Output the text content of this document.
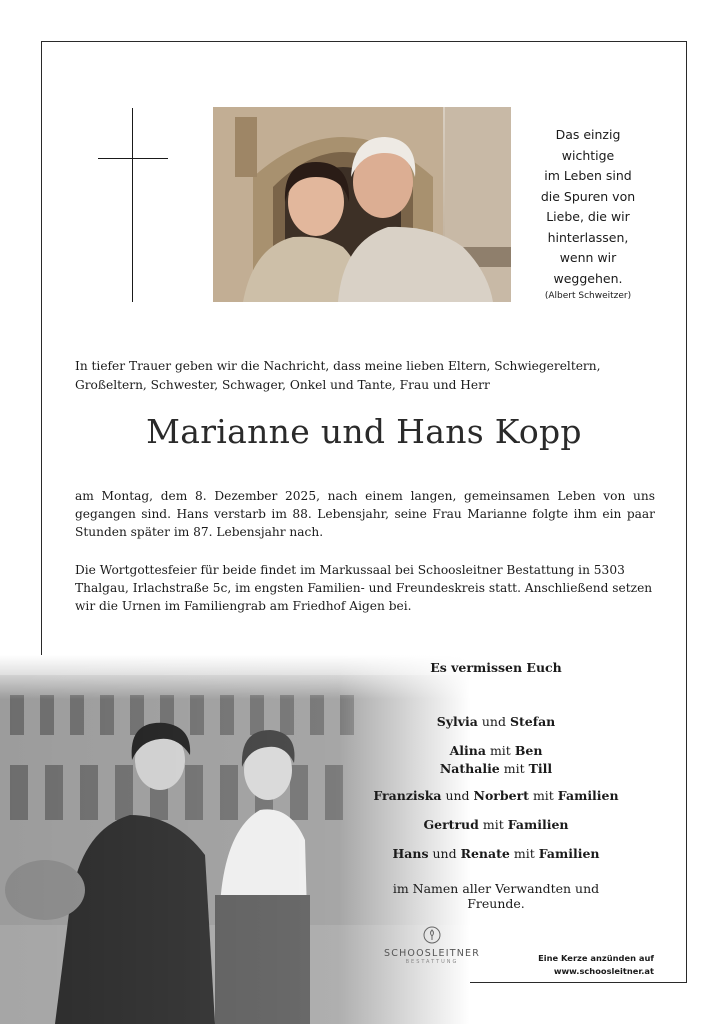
Das einzig wichtige
im Leben sind
die Spuren von
Liebe, die wir
hinterlassen,
wenn wir
weggehen.
(Albert Schweitzer)
In tiefer Trauer geben wir die Nachricht, dass meine lieben Eltern, Schwiegereltern, Großeltern, Schwester, Schwager, Onkel und Tante, Frau und Herr
Marianne und Hans Kopp
am Montag, dem 8. Dezember 2025, nach einem langen, gemeinsamen Leben von uns gegangen sind. Hans verstarb im 88. Lebensjahr, seine Frau Marianne folgte ihm ein paar Stunden später im 87. Lebensjahr nach.
Die Wortgottesfeier für beide findet im Markussaal bei Schoosleitner Bestattung in 5303 Thalgau, Irlachstraße 5c, im engsten Familien- und Freundeskreis statt. Anschließend setzen wir die Urnen im Familiengrab am Friedhof Aigen bei.
Es vermissen Euch
Sylvia und Stefan
Alina mit Ben
Nathalie mit Till
Franziska und Norbert mit Familien
Gertrud mit Familien
Hans und Renate mit Familien
im Namen aller Verwandten und Freunde.
SCHOOSLEITNER
BESTATTUNG	Eine Kerze anzünden auf
www.schoosleitner.at
